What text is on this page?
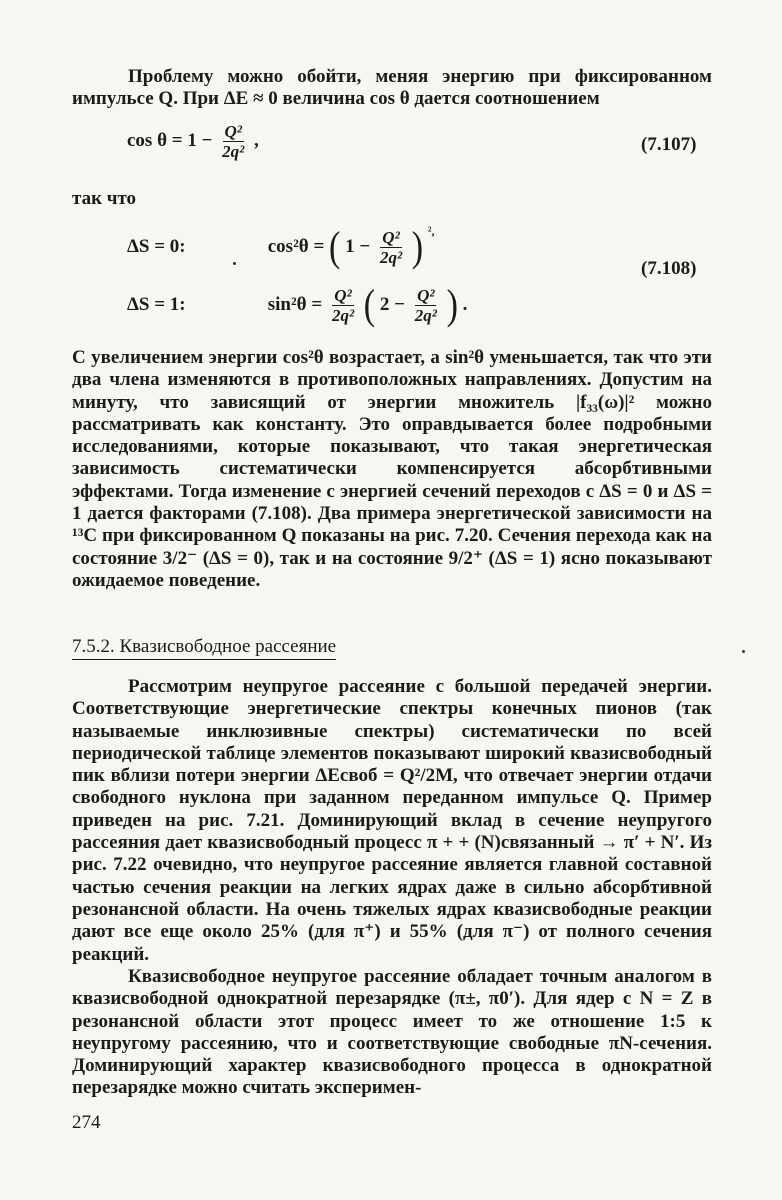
Проблему можно обойти, меняя энергию при фиксированном импульсе Q. При ΔE ≈ 0 величина cos θ дается соотношением

$\cos \theta = 1 - \frac{\text{Q²}}{\text{2q²}}$ ,	(7.107)

так что

ΔS = 0:	cos²θ = ( $1 - \frac{\text{Q²}}{\text{2q²}}$ ) $^{^2,}$
ΔS = 1:	$\sin^2\theta = \frac{\text{Q²}}{\text{2q²}}$ ( $2 - \frac{\text{Q²}}{\text{2q²}}$ ) .
(7.108)

С увеличением энергии cos²θ возрастает, а sin²θ уменьшается, так что эти два члена изменяются в противоположных направлениях. Допустим на минуту, что зависящий от энергии множитель |f₃₃(ω)|² можно рассматривать как константу. Это оправдывается более подробными исследованиями, которые показывают, что такая энергетическая зависимость систематически компенсируется абсорбтивными эффектами. Тогда изменение с энергией сечений переходов с ΔS = 0 и ΔS = 1 дается факторами (7.108). Два примера энергетической зависимости на ¹³C при фиксированном Q показаны на рис. 7.20. Сечения перехода как на состояние 3/2⁻ (ΔS = 0), так и на состояние 9/2⁺ (ΔS = 1) ясно показывают ожидаемое поведение.

7.5.2. Квазисвободное рассеяние

Рассмотрим неупругое рассеяние с большой передачей энергии. Соответствующие энергетические спектры конечных пионов (так называемые инклюзивные спектры) систематически по всей периодической таблице элементов показывают широкий квазисвободный пик вблизи потери энергии ΔEсвоб = Q²/2M, что отвечает энергии отдачи свободного нуклона при заданном переданном импульсе Q. Пример приведен на рис. 7.21. Доминирующий вклад в сечение неупругого рассеяния дает квазисвободный процесс π + + (N)связанный → π′ + N′. Из рис. 7.22 очевидно, что неупругое рассеяние является главной составной частью сечения реакции на легких ядрах даже в сильно абсорбтивной резонансной области. На очень тяжелых ядрах квазисвободные реакции дают все еще около 25% (для π⁺) и 55% (для π⁻) от полного сечения реакций.

Квазисвободное неупругое рассеяние обладает точным аналогом в квазисвободной однократной перезарядке (π±, π0′). Для ядер с N = Z в резонансной области этот процесс имеет то же отношение 1:5 к неупругому рассеянию, что и соответствующие свободные πN-сечения. Доминирующий характер квазисвободного процесса в однократной перезарядке можно считать эксперимен-

274
